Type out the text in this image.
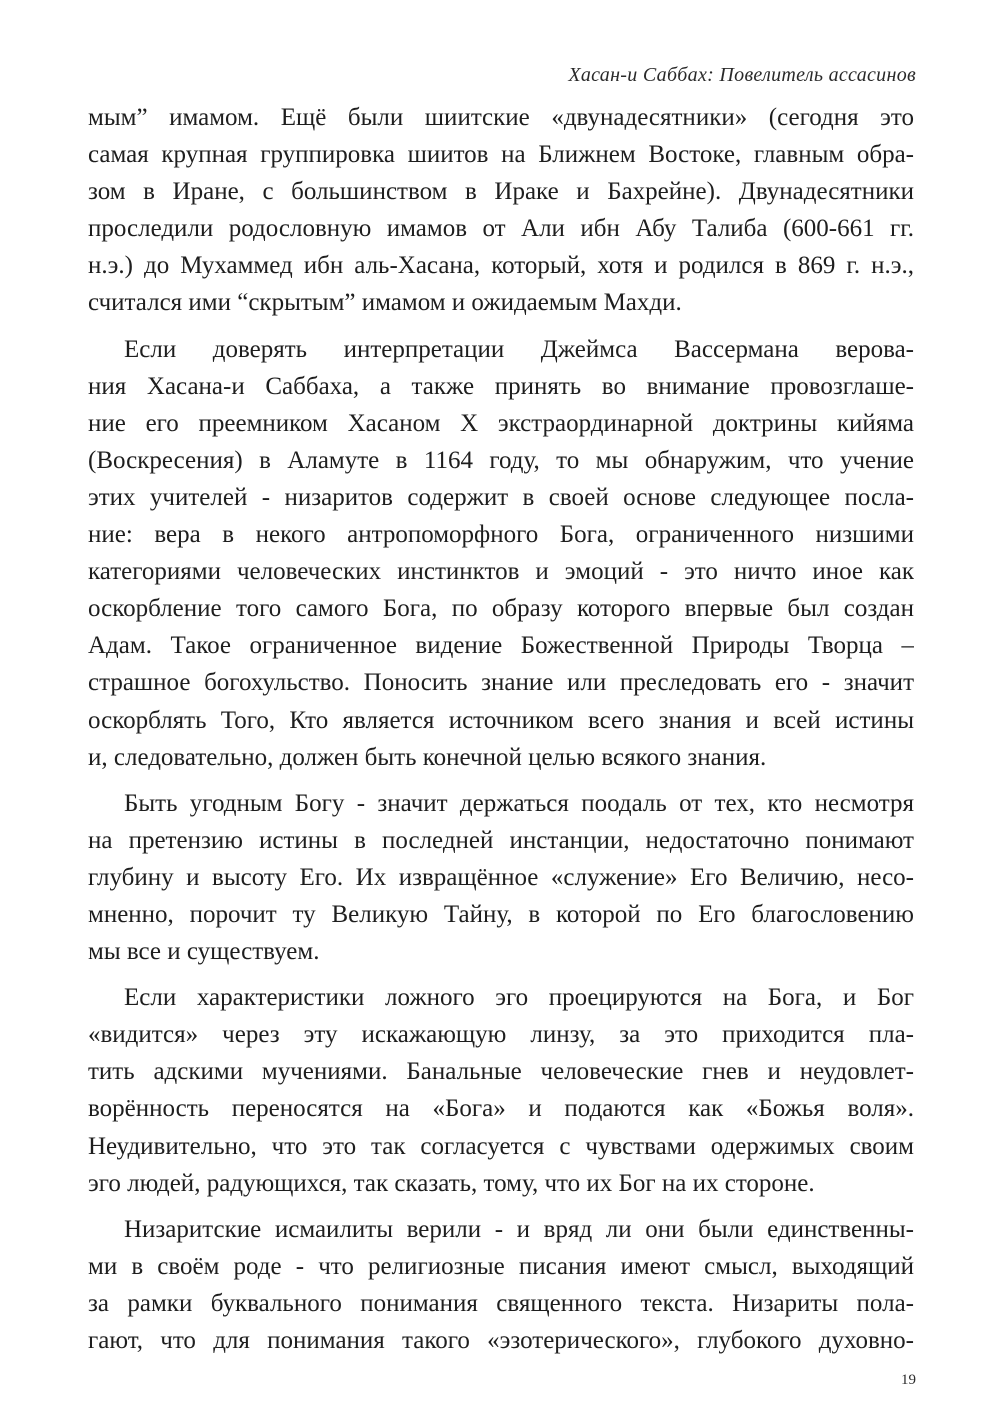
Хасан-и Саббах: Повелитель ассасинов
мым” имамом. Ещё были шиитские «двунадесятники» (сегодня это
самая крупная группировка шиитов на Ближнем Востоке, главным обра-
зом в Иране, с большинством в Ираке и Бахрейне). Двунадесятники
проследили родословную имамов от Али ибн Абу Талиба (600-661 гг.
н.э.) до Мухаммед ибн аль-Хасана, который, хотя и родился в 869 г. н.э.,
считался ими “скрытым” имамом и ожидаемым Махди.
Если доверять интерпретации Джеймса Вассермана верова-
ния Хасана-и Саббаха, а также принять во внимание провозглаше-
ние его преемником Хасаном Х экстраординарной доктрины кийяма
(Воскресения) в Аламуте в 1164 году, то мы обнаружим, что учение
этих учителей - низаритов содержит в своей основе следующее посла-
ние: вера в некого антропоморфного Бога, ограниченного низшими
категориями человеческих инстинктов и эмоций - это ничто иное как
оскорбление того самого Бога, по образу которого впервые был создан
Адам. Такое ограниченное видение Божественной Природы Творца –
страшное богохульство. Поносить знание или преследовать его - значит
оскорблять Того, Кто является источником всего знания и всей истины
и, следовательно, должен быть конечной целью всякого знания.
Быть угодным Богу - значит держаться поодаль от тех, кто несмотря
на претензию истины в последней инстанции, недостаточно понимают
глубину и высоту Его. Их извращённое «служение» Его Величию, несо-
мненно, порочит ту Великую Тайну, в которой по Его благословению
мы все и существуем.
Если характеристики ложного эго проецируются на Бога, и Бог
«видится» через эту искажающую линзу, за это приходится пла-
тить адскими мучениями. Банальные человеческие гнев и неудовлет-
ворённость переносятся на «Бога» и подаются как «Божья воля».
Неудивительно, что это так согласуется с чувствами одержимых своим
эго людей, радующихся, так сказать, тому, что их Бог на их стороне.
Низаритские исмаилиты верили - и вряд ли они были единственны-
ми в своём роде - что религиозные писания имеют смысл, выходящий
за рамки буквального понимания священного текста. Низариты пола-
гают, что для понимания такого «эзотерического», глубокого духовно-
19
